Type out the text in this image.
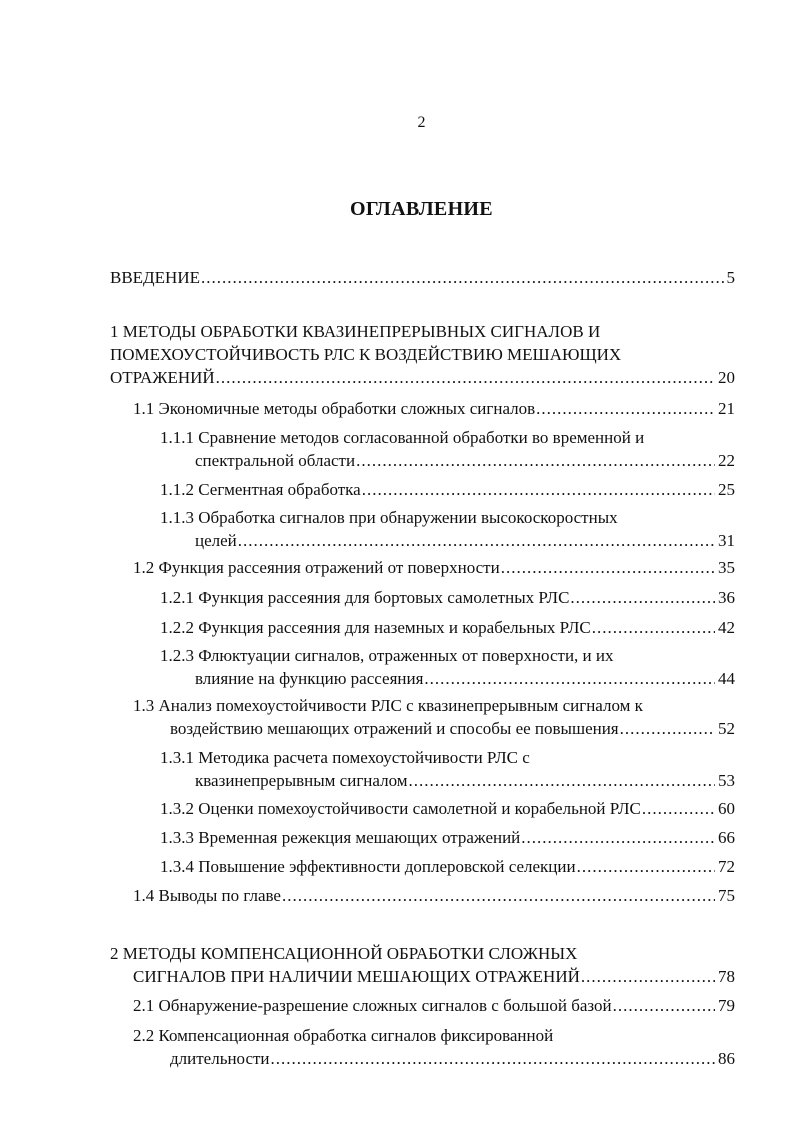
2
ОГЛАВЛЕНИЕ
ВВЕДЕНИЕ .....	5
1 МЕТОДЫ ОБРАБОТКИ КВАЗИНЕПРЕРЫВНЫХ СИГНАЛОВ И
ПОМЕХОУСТОЙЧИВОСТЬ РЛС К ВОЗДЕЙСТВИЮ МЕШАЮЩИХ
ОТРАЖЕНИЙ .....	20
1.1 Экономичные методы обработки сложных сигналов .....	21
1.1.1 Сравнение методов согласованной обработки во временной и
спектральной области .....	22
1.1.2 Сегментная обработка .....	25
1.1.3 Обработка сигналов при обнаружении высокоскоростных
целей .....	31
1.2 Функция рассеяния отражений от поверхности .....	35
1.2.1 Функция рассеяния для бортовых самолетных РЛС .....	36
1.2.2 Функция рассеяния для наземных и корабельных РЛС .....	42
1.2.3 Флюктуации сигналов, отраженных от поверхности, и их
влияние на функцию рассеяния .....	44
1.3 Анализ помехоустойчивости РЛС с квазинепрерывным сигналом к
воздействию мешающих отражений и способы ее повышения .....	52
1.3.1 Методика расчета помехоустойчивости РЛС с
квазинепрерывным сигналом .....	53
1.3.2 Оценки помехоустойчивости самолетной и корабельной РЛС .....	60
1.3.3 Временная режекция мешающих отражений .....	66
1.3.4 Повышение эффективности доплеровской селекции .....	72
1.4 Выводы по главе .....	75
2 МЕТОДЫ КОМПЕНСАЦИОННОЙ ОБРАБОТКИ СЛОЖНЫХ
СИГНАЛОВ ПРИ НАЛИЧИИ МЕШАЮЩИХ ОТРАЖЕНИЙ .....	78
2.1 Обнаружение-разрешение сложных сигналов с большой базой .....	79
2.2 Компенсационная обработка сигналов фиксированной
длительности .....	86
